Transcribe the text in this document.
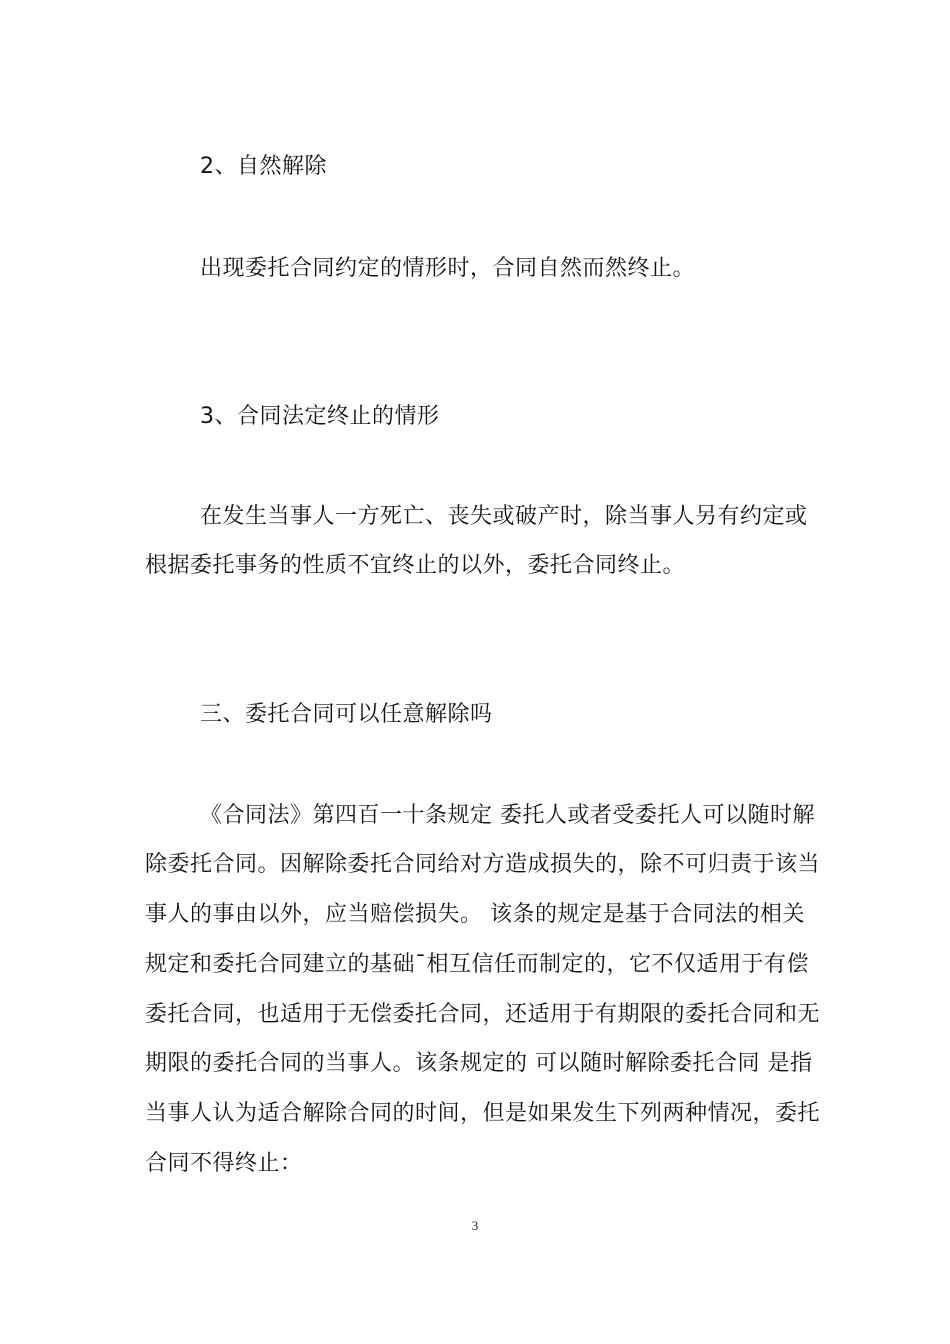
2、自然解除
出现委托合同约定的情形时，合同自然而然终止。
3、合同法定终止的情形
在发生当事人一方死亡、丧失或破产时，除当事人另有约定或
根据委托事务的性质不宜终止的以外，委托合同终止。
三、委托合同可以任意解除吗
《合同法》第四百一十条规定 委托人或者受委托人可以随时解
除委托合同。因解除委托合同给对方造成损失的，除不可归责于该当
事人的事由以外，应当赔偿损失。 该条的规定是基于合同法的相关
规定和委托合同建立的基础¯相互信任而制定的，它不仅适用于有偿
委托合同，也适用于无偿委托合同，还适用于有期限的委托合同和无
期限的委托合同的当事人。该条规定的 可以随时解除委托合同 是指
当事人认为适合解除合同的时间，但是如果发生下列两种情况，委托
合同不得终止：
3
